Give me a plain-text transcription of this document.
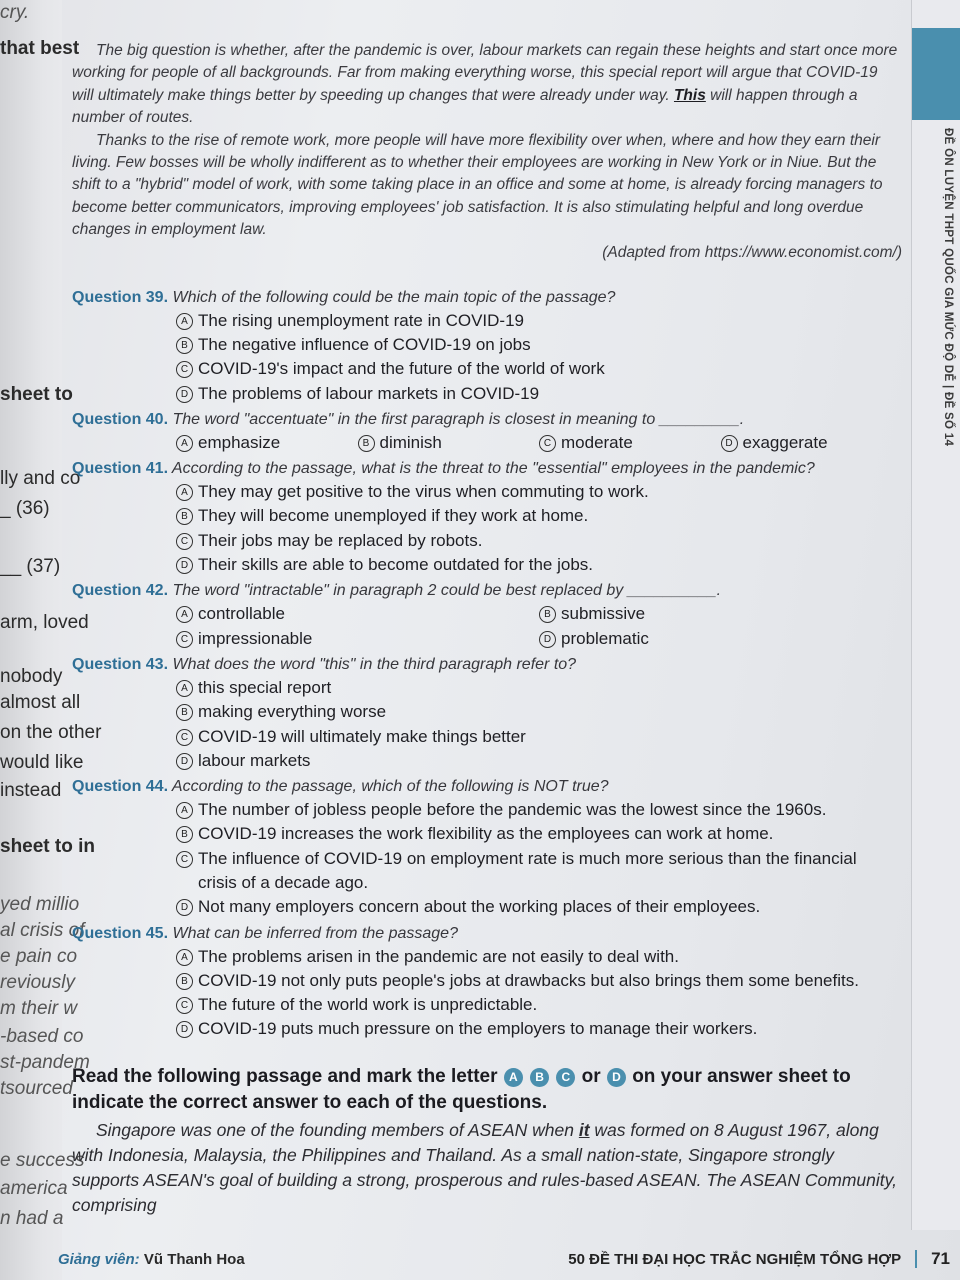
cry.
that best
sheet to
lly and co
_ (36)
__ (37)
arm, loved
nobody
almost all
on the other
would like
instead
sheet to in
yed millio
al crisis of
e pain co
reviously
m their w
-based co
st-pandem
tsourced
e success
america
n had a
ĐỀ ÔN LUYỆN THPT QUỐC GIA MỨC ĐỘ DỄ | ĐỀ SỐ 14

The big question is whether, after the pandemic is over, labour markets can regain these heights and start once more working for people of all backgrounds. Far from making everything worse, this special report will argue that COVID-19 will ultimately make things better by speeding up changes that were already under way. This will happen through a number of routes.

Thanks to the rise of remote work, more people will have more flexibility over when, where and how they earn their living. Few bosses will be wholly indifferent as to whether their employees are working in New York or in Niue. But the shift to a "hybrid" model of work, with some taking place in an office and some at home, is already forcing managers to become better communicators, improving employees' job satisfaction. It is also stimulating helpful and long overdue changes in employment law.

(Adapted from https://www.economist.com/)
Question 39. Which of the following could be the main topic of the passage?
A The rising unemployment rate in COVID-19
B The negative influence of COVID-19 on jobs
C COVID-19's impact and the future of the world of work
D The problems of labour markets in COVID-19
Question 40. The word "accentuate" in the first paragraph is closest in meaning to _________.
A emphasize	B diminish	C moderate	D exaggerate
Question 41. According to the passage, what is the threat to the "essential" employees in the pandemic?
A They may get positive to the virus when commuting to work.
B They will become unemployed if they work at home.
C Their jobs may be replaced by robots.
D Their skills are able to become outdated for the jobs.
Question 42. The word "intractable" in paragraph 2 could be best replaced by __________.
A controllable	B submissive
C impressionable	D problematic
Question 43. What does the word "this" in the third paragraph refer to?
A this special report
B making everything worse
C COVID-19 will ultimately make things better
D labour markets
Question 44. According to the passage, which of the following is NOT true?
A The number of jobless people before the pandemic was the lowest since the 1960s.
B COVID-19 increases the work flexibility as the employees can work at home.
C The influence of COVID-19 on employment rate is much more serious than the financial
crisis of a decade ago.
D Not many employers concern about the working places of their employees.
Question 45. What can be inferred from the passage?
A The problems arisen in the pandemic are not easily to deal with.
B COVID-19 not only puts people's jobs at drawbacks but also brings them some benefits.
C The future of the world work is unpredictable.
D COVID-19 puts much pressure on the employers to manage their workers.
Read the following passage and mark the letter A B C or D on your answer sheet to indicate the correct answer to each of the questions.

Singapore was one of the founding members of ASEAN when it was formed on 8 August 1967, along with Indonesia, Malaysia, the Philippines and Thailand. As a small nation-state, Singapore strongly supports ASEAN's goal of building a strong, prosperous and rules-based ASEAN. The ASEAN Community, comprising

Giảng viên: Vũ Thanh Hoa	50 ĐỀ THI ĐẠI HỌC TRẮC NGHIỆM TỔNG HỢP 71
